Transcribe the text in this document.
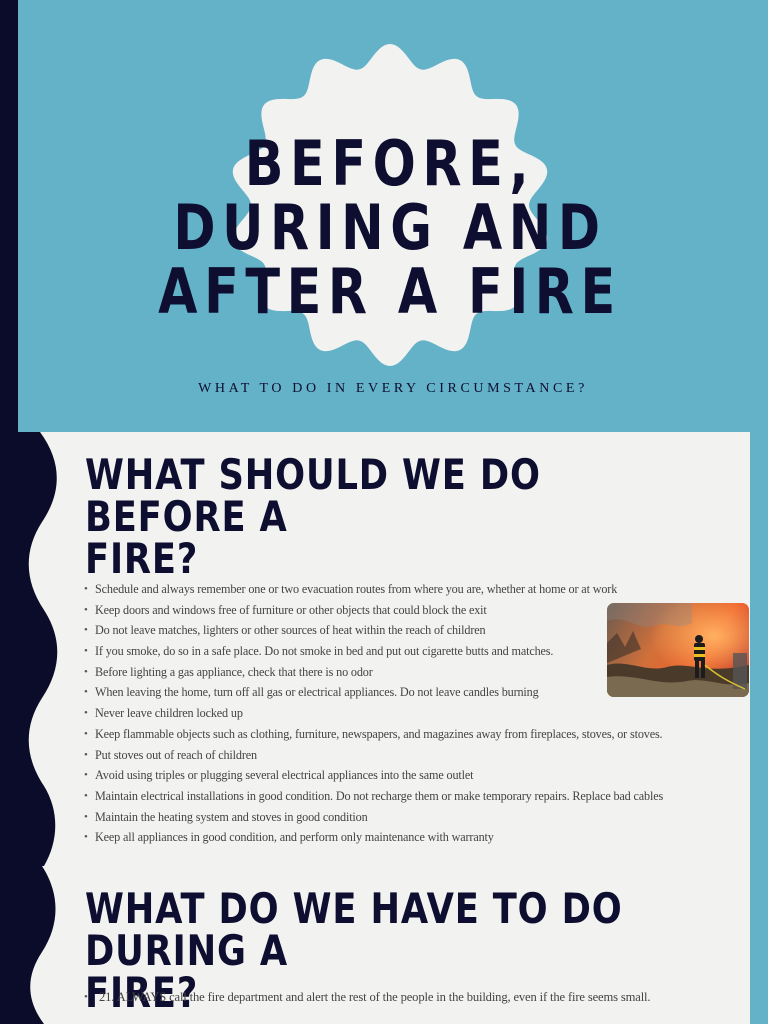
BEFORE, DURING AND
AFTER A FIRE
WHAT TO DO IN EVERY CIRCUMSTANCE?
WHAT SHOULD WE DO BEFORE A
FIRE?
• Schedule and always remember one or two evacuation routes from where you are, whether at home or at work
• Keep doors and windows free of furniture or other objects that could block the exit
• Do not leave matches, lighters or other sources of heat within the reach of children
• If you smoke, do so in a safe place. Do not smoke in bed and put out cigarette butts and matches.
• Before lighting a gas appliance, check that there is no odor
• When leaving the home, turn off all gas or electrical appliances. Do not leave candles burning
• Never leave children locked up
• Keep flammable objects such as clothing, furniture, newspapers, and magazines away from fireplaces, stoves, or stoves.
• Put stoves out of reach of children
• Avoid using triples or plugging several electrical appliances into the same outlet
• Maintain electrical installations in good condition. Do not recharge them or make temporary repairs. Replace bad cables
• Maintain the heating system and stoves in good condition
• Keep all appliances in good condition, and perform only maintenance with warranty
WHAT DO WE HAVE TO DO DURING A
FIRE?
• 21. ALWAYS call the fire department and alert the rest of the people in the building, even if the fire seems small.
